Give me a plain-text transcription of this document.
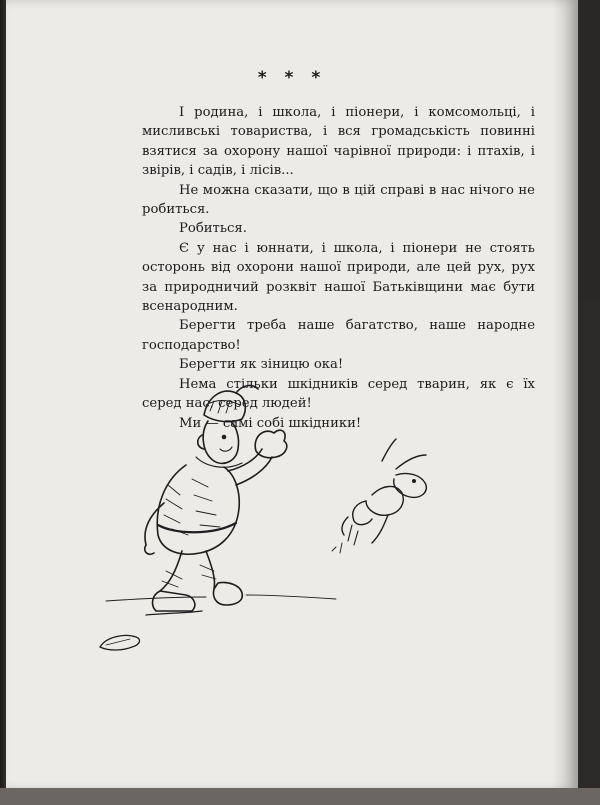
* * *

І родина, і школа, і піонери, і комсомольці, і мисливські товариства, і вся громадськість повинні взятися за охорону нашої чарівної природи: і птахів, і звірів, і садів, і лісів...

Не можна сказати, що в цій справі в нас нічого не робиться.

Робиться.

Є у нас і юннати, і школа, і піонери не стоять осторонь від охорони нашої природи, але цей рух, рух за природничий розквіт нашої Батьківщини має бути всенародним.

Берегти треба наше багатство, наше народне господарство!

Берегти як зіницю ока!

Нема стільки шкідників серед тварин, як є їх серед нас, серед людей!

Ми — самі собі шкідники!
